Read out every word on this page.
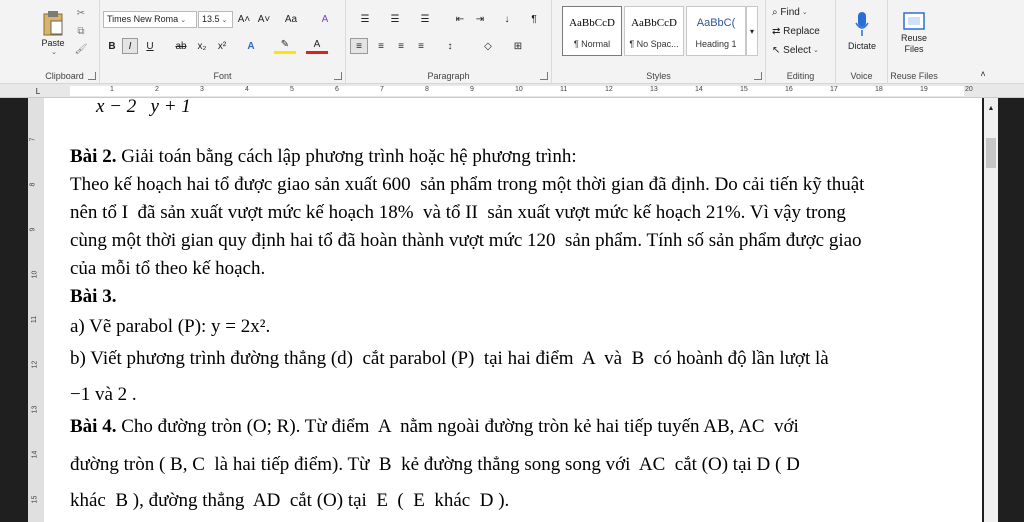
Paste
⌄
✂
⧉
🖌
Clipboard
Times New Roma ⌄	13.5 ⌄	A˄ A˅	Aa	A
B	I	U	ab	x₂	x²	A	✎	A
Font
☰	☰	☰	⇤	⇥	↓	¶
≡	≡	≡	≡	↕	◇	⊞
Paragraph
AaBbCcD
¶ Normal
AaBbCcD
¶ No Spac...
AaBbC(
Heading 1
▾
Styles
⌕
Find ⌄
⇄
Replace
↖
Select ⌄
Editing
Dictate
Voice
Reuse Files
Reuse Files	˄
L	1	2	3	4	5	6	7	8	9	10	11	12	13	14	15	16	17	18	19	20
7
8
9
10
11
12
13
14
15
x − 2   y + 1
Bài 2. Giải toán bằng cách lập phương trình hoặc hệ phương trình:
Theo kế hoạch hai tổ được giao sản xuất 600  sản phẩm trong một thời gian đã định. Do cải tiến kỹ thuật
nên tổ I  đã sản xuất vượt mức kế hoạch 18%  và tổ II  sản xuất vượt mức kế hoạch 21%. Vì vậy trong
cùng một thời gian quy định hai tổ đã hoàn thành vượt mức 120  sản phẩm. Tính số sản phẩm được giao
của mỗi tổ theo kế hoạch.
Bài 3.
a) Vẽ parabol (P): y = 2x².
b) Viết phương trình đường thẳng (d)  cắt parabol (P)  tại hai điểm  A  và  B  có hoành độ lần lượt là
−1 và 2 .
Bài 4. Cho đường tròn (O; R). Từ điểm  A  nằm ngoài đường tròn kẻ hai tiếp tuyến AB, AC  với
đường tròn ( B, C  là hai tiếp điểm). Từ  B  kẻ đường thẳng song song với  AC  cắt (O) tại D ( D
khác  B ), đường thẳng  AD  cắt (O) tại  E  (  E  khác  D ).
▲
